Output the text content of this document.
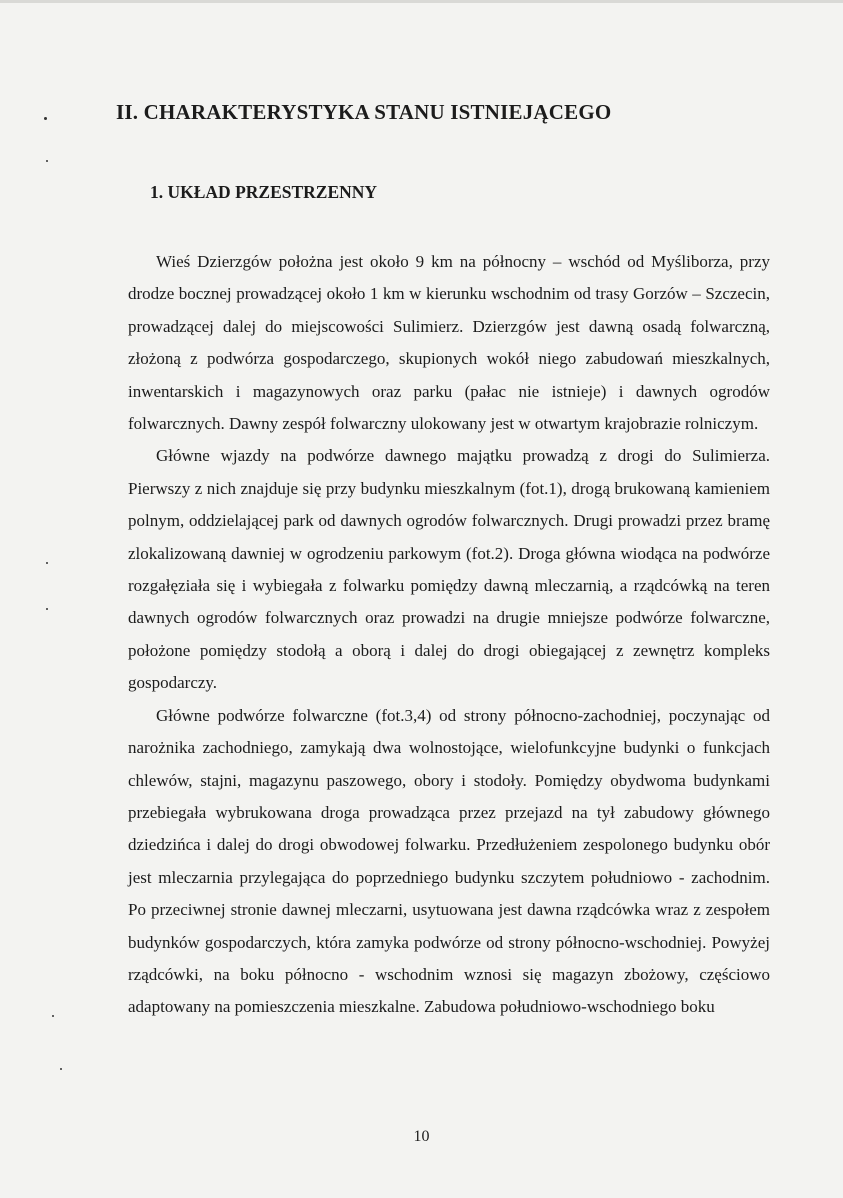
II. CHARAKTERYSTYKA STANU ISTNIEJĄCEGO
1. UKŁAD PRZESTRZENNY

Wieś Dzierzgów położna jest około 9 km na północny – wschód od Myśliborza, przy drodze bocznej prowadzącej około 1 km w kierunku wschodnim od trasy Gorzów – Szczecin, prowadzącej dalej do miejscowości Sulimierz. Dzierzgów jest dawną osadą folwarczną, złożoną z podwórza gospodarczego, skupionych wokół niego zabudowań mieszkalnych, inwentarskich i magazynowych oraz parku (pałac nie istnieje) i dawnych ogrodów folwarcznych. Dawny zespół folwarczny ulokowany jest w otwartym krajobrazie rolniczym.

Główne wjazdy na podwórze dawnego majątku prowadzą z drogi do Sulimierza. Pierwszy z nich znajduje się przy budynku mieszkalnym (fot.1), drogą brukowaną kamieniem polnym, oddzielającej park od dawnych ogrodów folwarcznych. Drugi prowadzi przez bramę zlokalizowaną dawniej w ogrodzeniu parkowym (fot.2). Droga główna wiodąca na podwórze rozgałęziała się i wybiegała z folwarku pomiędzy dawną mleczarnią, a rządcówką na teren dawnych ogrodów folwarcznych oraz prowadzi na drugie mniejsze podwórze folwarczne, położone pomiędzy stodołą a oborą i dalej do drogi obiegającej z zewnętrz kompleks gospodarczy.

Główne podwórze folwarczne (fot.3,4) od strony północno-zachodniej, poczynając od narożnika zachodniego, zamykają dwa wolnostojące, wielofunkcyjne budynki o funkcjach chlewów, stajni, magazynu paszowego, obory i stodoły. Pomiędzy obydwoma budynkami przebiegała wybrukowana droga prowadząca przez przejazd na tył zabudowy głównego dziedzińca i dalej do drogi obwodowej folwarku. Przedłużeniem zespolonego budynku obór jest mleczarnia przylegająca do poprzedniego budynku szczytem południowo - zachodnim. Po przeciwnej stronie dawnej mleczarni, usytuowana jest dawna rządcówka wraz z zespołem budynków gospodarczych, która zamyka podwórze od strony północno-wschodniej. Powyżej rządcówki, na boku północno - wschodnim wznosi się magazyn zbożowy, częściowo adaptowany na pomieszczenia mieszkalne. Zabudowa południowo-wschodniego boku

10
